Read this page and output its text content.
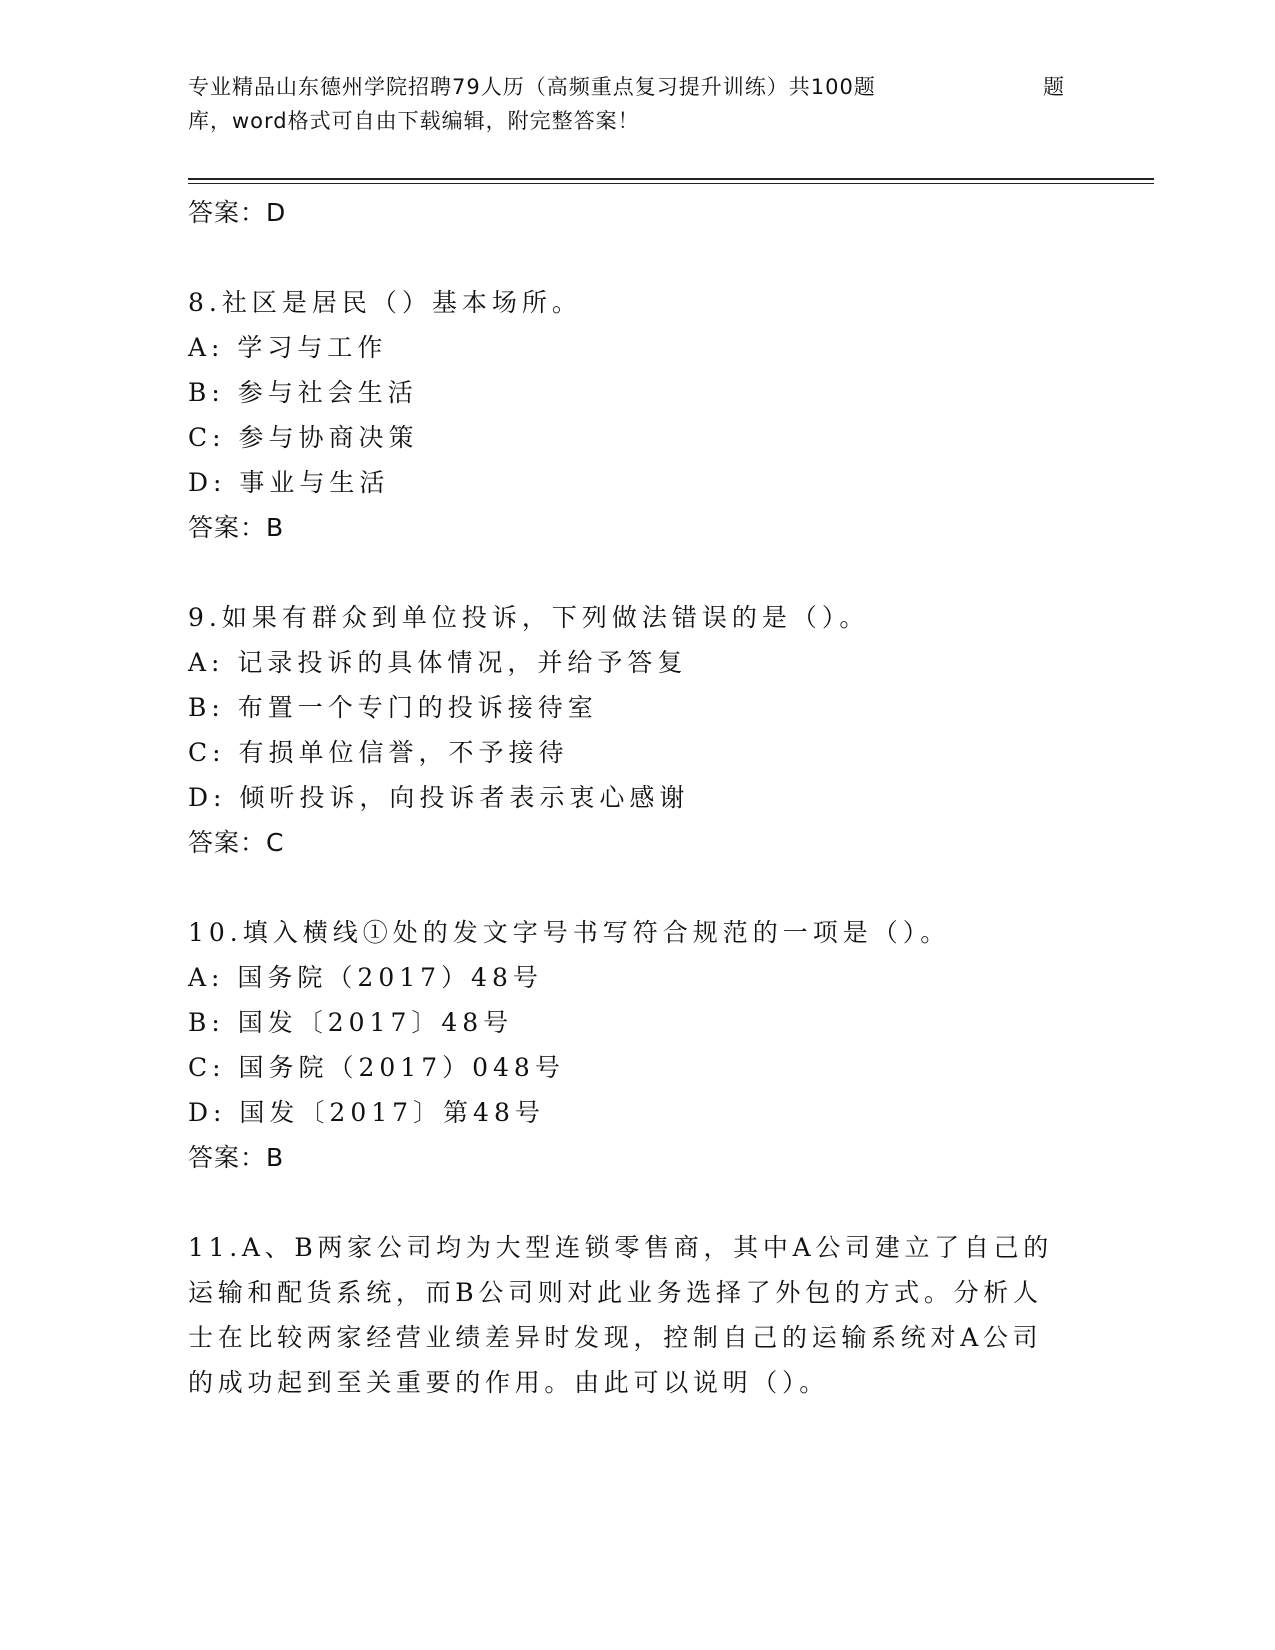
专业精品山东德州学院招聘79人历（高频重点复习提升训练）共100题	题
库，word格式可自由下载编辑，附完整答案！
答案：D
8.社区是居民（）基本场所。
A: 学习与工作
B: 参与社会生活
C: 参与协商决策
D: 事业与生活
答案：B
9.如果有群众到单位投诉，下列做法错误的是（）。
A: 记录投诉的具体情况，并给予答复
B: 布置一个专门的投诉接待室
C: 有损单位信誉，不予接待
D: 倾听投诉，向投诉者表示衷心感谢
答案：C
10.填入横线①处的发文字号书写符合规范的一项是（）。
A: 国务院（2017）48号
B: 国发〔2017〕48号
C: 国务院（2017）048号
D: 国发〔2017〕第48号
答案：B
11.A、B两家公司均为大型连锁零售商，其中A公司建立了自己的运输和配货系统，而B公司则对此业务选择了外包的方式。分析人士在比较两家经营业绩差异时发现，控制自己的运输系统对A公司的成功起到至关重要的作用。由此可以说明（）。
